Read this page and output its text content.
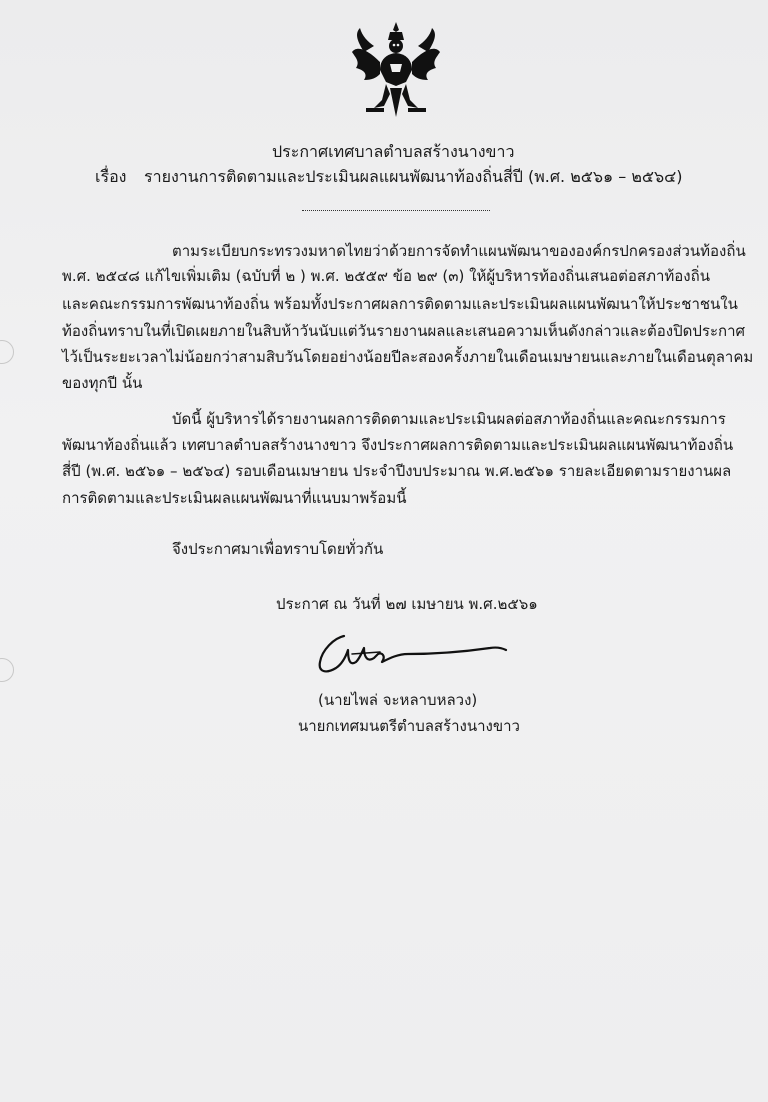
ประกาศเทศบาลตำบลสร้างนางขาว
เรื่อง รายงานการติดตามและประเมินผลแผนพัฒนาท้องถิ่นสี่ปี (พ.ศ. ๒๕๖๑ – ๒๕๖๔)
ตามระเบียบกระทรวงมหาดไทยว่าด้วยการจัดทำแผนพัฒนาขององค์กรปกครองส่วนท้องถิ่น
พ.ศ. ๒๕๔๘ แก้ไขเพิ่มเติม (ฉบับที่ ๒ ) พ.ศ. ๒๕๕๙ ข้อ ๒๙ (๓) ให้ผู้บริหารท้องถิ่นเสนอต่อสภาท้องถิ่น
และคณะกรรมการพัฒนาท้องถิ่น พร้อมทั้งประกาศผลการติดตามและประเมินผลแผนพัฒนาให้ประชาชนใน
ท้องถิ่นทราบในที่เปิดเผยภายในสิบห้าวันนับแต่วันรายงานผลและเสนอความเห็นดังกล่าวและต้องปิดประกาศ
ไว้เป็นระยะเวลาไม่น้อยกว่าสามสิบวันโดยอย่างน้อยปีละสองครั้งภายในเดือนเมษายนและภายในเดือนตุลาคม
ของทุกปี นั้น
บัดนี้ ผู้บริหารได้รายงานผลการติดตามและประเมินผลต่อสภาท้องถิ่นและคณะกรรมการ
พัฒนาท้องถิ่นแล้ว เทศบาลตำบลสร้างนางขาว จึงประกาศผลการติดตามและประเมินผลแผนพัฒนาท้องถิ่น
สี่ปี (พ.ศ. ๒๕๖๑ – ๒๕๖๔) รอบเดือนเมษายน ประจำปีงบประมาณ พ.ศ.๒๕๖๑ รายละเอียดตามรายงานผล
การติดตามและประเมินผลแผนพัฒนาที่แนบมาพร้อมนี้
จึงประกาศมาเพื่อทราบโดยทั่วกัน
ประกาศ ณ วันที่ ๒๗ เมษายน พ.ศ.๒๕๖๑
(นายไพล่ จะหลาบหลวง)
นายกเทศมนตรีตำบลสร้างนางขาว
